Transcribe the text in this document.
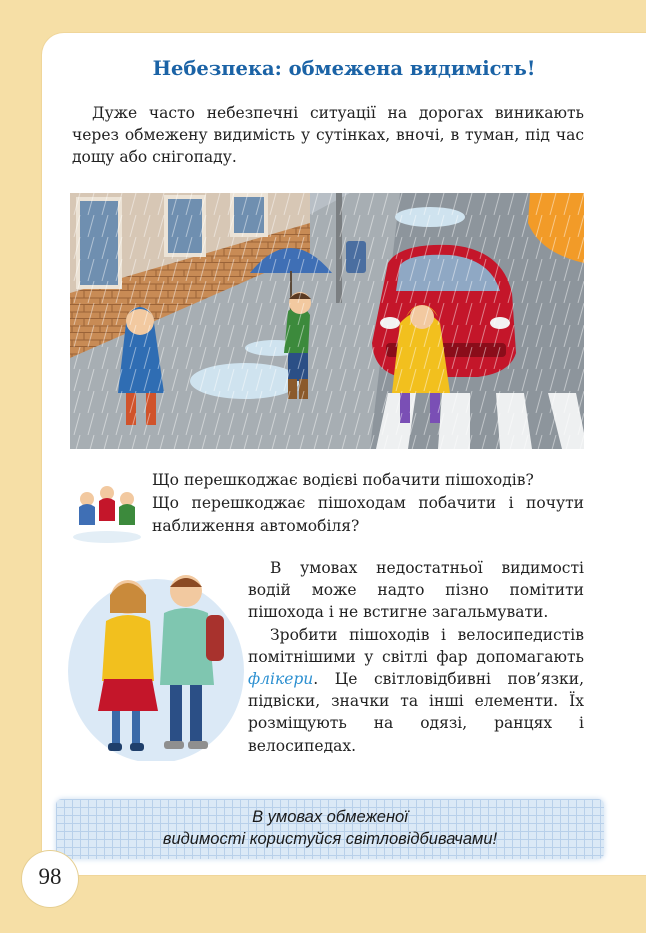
Небезпека: обмежена видимість!

Дуже часто небезпечні ситуації на дорогах виникають через обмежену видимість у сутінках, вночі, в туман, під час дощу або снігопаду.

Що перешкоджає водієві побачити пішоходів?

Що перешкоджає пішоходам побачити і почути наближення автомобіля?

В умовах недостатньої видимості водій може надто пізно помітити пішохода і не встигне загальмувати.

Зробити пішоходів і велосипедистів помітнішими у світлі фар допомагають флікери. Це світловідбивні пов’язки, підвіски, значки та інші елементи. Їх розміщують на одязі, ранцях і велосипедах.

В умовах обмеженої
видимості користуйся світловідбивачами!
98
